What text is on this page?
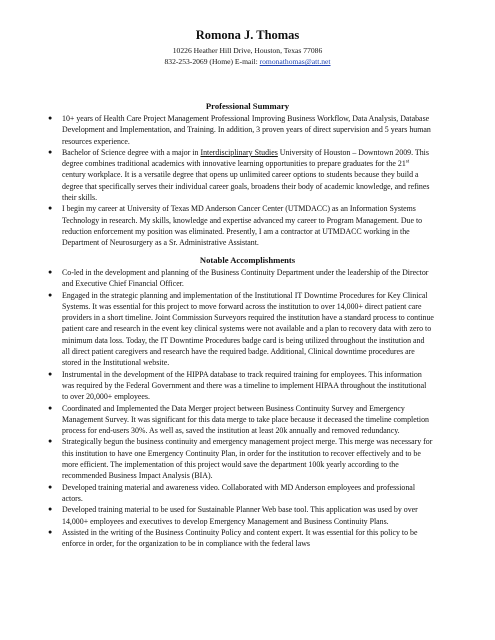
Romona J. Thomas
10226 Heather Hill Drive, Houston, Texas 77086
832-253-2069 (Home) E-mail: romonathomas@att.net
Professional Summary
● 10+ years of Health Care Project Management Professional Improving Business Workflow, Data Analysis, Database Development and Implementation, and Training. In addition, 3 proven years of direct supervision and 5 years human resources experience.
● Bachelor of Science degree with a major in Interdisciplinary Studies University of Houston – Downtown 2009. This degree combines traditional academics with innovative learning opportunities to prepare graduates for the 21st century workplace. It is a versatile degree that opens up unlimited career options to students because they build a degree that specifically serves their individual career goals, broadens their body of academic knowledge, and refines their skills.
● I begin my career at University of Texas MD Anderson Cancer Center (UTMDACC) as an Information Systems Technology in research. My skills, knowledge and expertise advanced my career to Program Management. Due to reduction enforcement my position was eliminated. Presently, I am a contractor at UTMDACC working in the Department of Neurosurgery as a Sr. Administrative Assistant.
Notable Accomplishments
● Co-led in the development and planning of the Business Continuity Department under the leadership of the Director and Executive Chief Financial Officer.
● Engaged in the strategic planning and implementation of the Institutional IT Downtime Procedures for Key Clinical Systems. It was essential for this project to move forward across the institution to over 14,000+ direct patient care providers in a short timeline. Joint Commission Surveyors required the institution have a standard process to continue patient care and research in the event key clinical systems were not available and a plan to recovery data with zero to minimum data loss. Today, the IT Downtime Procedures badge card is being utilized throughout the institution and all direct patient caregivers and research have the required badge. Additional, Clinical downtime procedures are stored in the Institutional website.
● Instrumental in the development of the HIPPA database to track required training for employees. This information was required by the Federal Government and there was a timeline to implement HIPAA throughout the institutional to over 20,000+ employees.
● Coordinated and Implemented the Data Merger project between Business Continuity Survey and Emergency Management Survey. It was significant for this data merge to take place because it deceased the timeline completion process for end-users 30%. As well as, saved the institution at least 20k annually and removed redundancy.
● Strategically begun the business continuity and emergency management project merge. This merge was necessary for this institution to have one Emergency Continuity Plan, in order for the institution to recover effectively and to be more efficient. The implementation of this project would save the department 100k yearly according to the recommended Business Impact Analysis (BIA).
● Developed training material and awareness video. Collaborated with MD Anderson employees and professional actors.
● Developed training material to be used for Sustainable Planner Web base tool. This application was used by over 14,000+ employees and executives to develop Emergency Management and Business Continuity Plans.
● Assisted in the writing of the Business Continuity Policy and content expert. It was essential for this policy to be enforce in order, for the organization to be in compliance with the federal laws
